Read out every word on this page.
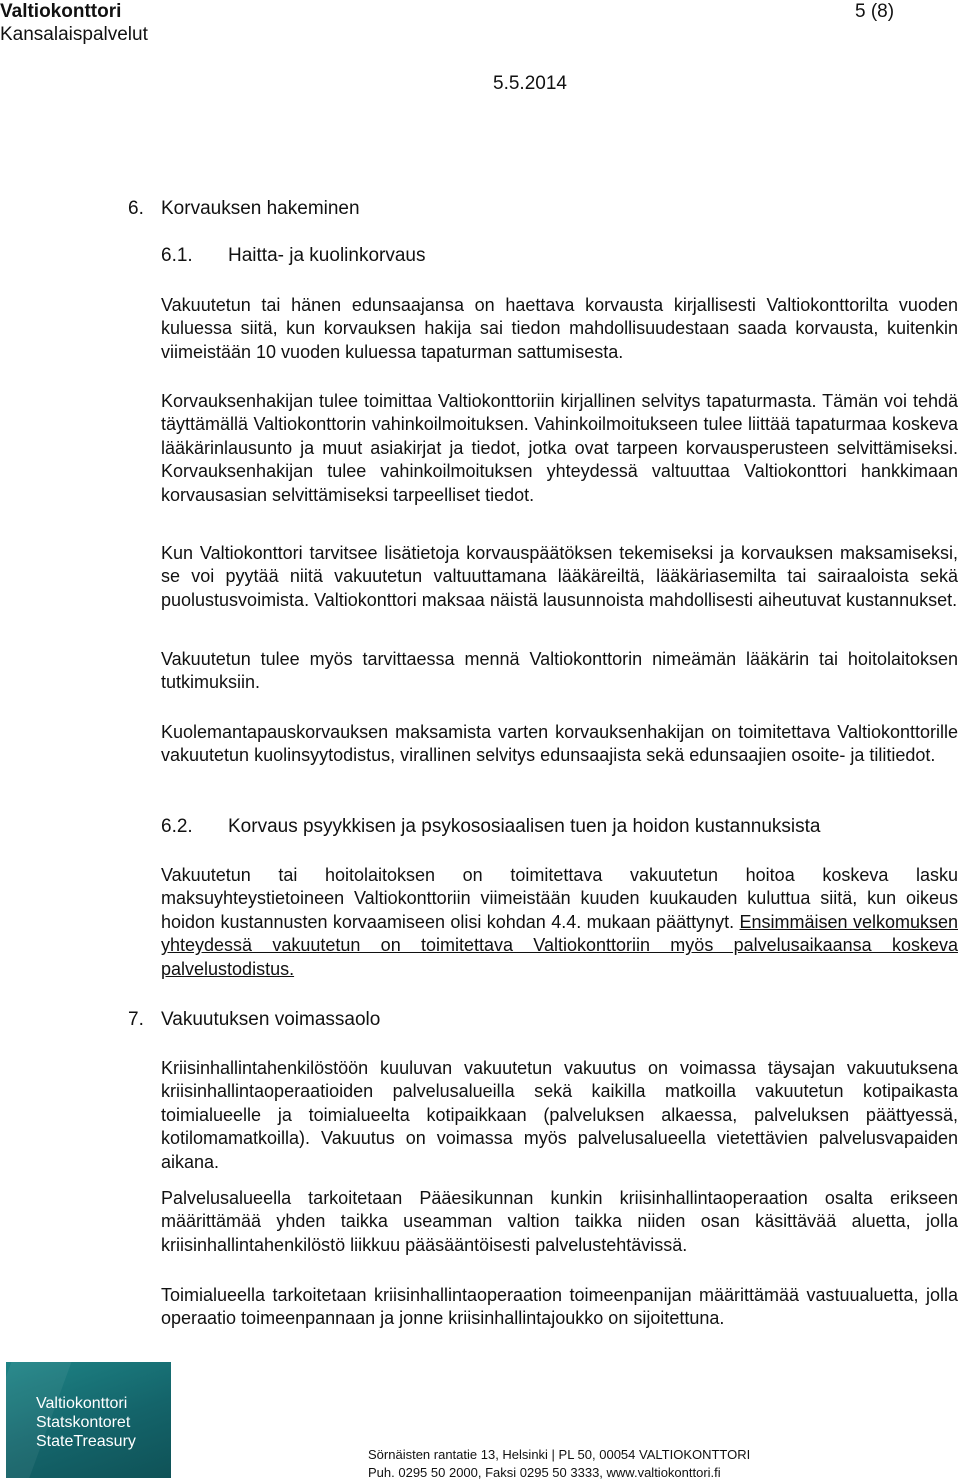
Valtiokonttori
Kansalaispalvelut
5 (8)
5.5.2014
6. Korvauksen hakeminen
6.1. Haitta- ja kuolinkorvaus

Vakuutetun tai hänen edunsaajansa on haettava korvausta kirjallisesti Valtiokonttorilta vuoden kuluessa siitä, kun korvauksen hakija sai tiedon mahdollisuudestaan saada korvausta, kuitenkin viimeistään 10 vuoden kuluessa tapaturman sattumisesta.

Korvauksenhakijan tulee toimittaa Valtiokonttoriin kirjallinen selvitys tapaturmasta. Tämän voi tehdä täyttämällä Valtiokonttorin vahinkoilmoituksen. Vahinkoilmoitukseen tulee liittää tapaturmaa koskeva lääkärinlausunto ja muut asiakirjat ja tiedot, jotka ovat tarpeen korvausperusteen selvittämiseksi. Korvauksenhakijan tulee vahinkoilmoituksen yhteydessä valtuuttaa Valtiokonttori hankkimaan korvausasian selvittämiseksi tarpeelliset tiedot.

Kun Valtiokonttori tarvitsee lisätietoja korvauspäätöksen tekemiseksi ja korvauksen maksamiseksi, se voi pyytää niitä vakuutetun valtuuttamana lääkäreiltä, lääkäriasemilta tai sairaaloista sekä puolustusvoimista. Valtiokonttori maksaa näistä lausunnoista mahdollisesti aiheutuvat kustannukset.

Vakuutetun tulee myös tarvittaessa mennä Valtiokonttorin nimeämän lääkärin tai hoitolaitoksen tutkimuksiin.

Kuolemantapauskorvauksen maksamista varten korvauksenhakijan on toimitettava Valtiokonttorille vakuutetun kuolinsyytodistus, virallinen selvitys edunsaajista sekä edunsaajien osoite- ja tilitiedot.

6.2. Korvaus psyykkisen ja psykososiaalisen tuen ja hoidon kustannuksista

Vakuutetun tai hoitolaitoksen on toimitettava vakuutetun hoitoa koskeva lasku maksuyhteystietoineen Valtiokonttoriin viimeistään kuuden kuukauden kuluttua siitä, kun oikeus hoidon kustannusten korvaamiseen olisi kohdan 4.4. mukaan päättynyt. Ensimmäisen velkomuksen yhteydessä vakuutetun on toimitettava Valtiokonttoriin myös palvelusaikaansa koskeva palvelustodistus.

7. Vakuutuksen voimassaolo

Kriisinhallintahenkilöstöön kuuluvan vakuutetun vakuutus on voimassa täysajan vakuutuksena kriisinhallintaoperaatioiden palvelusalueilla sekä kaikilla matkoilla vakuutetun kotipaikasta toimialueelle ja toimialueelta kotipaikkaan (palveluksen alkaessa, palveluksen päättyessä, kotilomamatkoilla). Vakuutus on voimassa myös palvelusalueella vietettävien palvelusvapaiden aikana.

Palvelusalueella tarkoitetaan Pääesikunnan kunkin kriisinhallintaoperaation osalta erikseen määrittämää yhden taikka useamman valtion taikka niiden osan käsittävää aluetta, jolla kriisinhallintahenkilöstö liikkuu pääsääntöisesti palvelustehtävissä.

Toimialueella tarkoitetaan kriisinhallintaoperaation toimeenpanijan määrittämää vastuualuetta, jolla operaatio toimeenpannaan ja jonne kriisinhallintajoukko on sijoitettuna.

Valtiokonttori
Statskontoret
StateTreasury
Sörnäisten rantatie 13, Helsinki | PL 50, 00054 VALTIOKONTTORI
Puh. 0295 50 2000, Faksi 0295 50 3333, www.valtiokonttori.fi
